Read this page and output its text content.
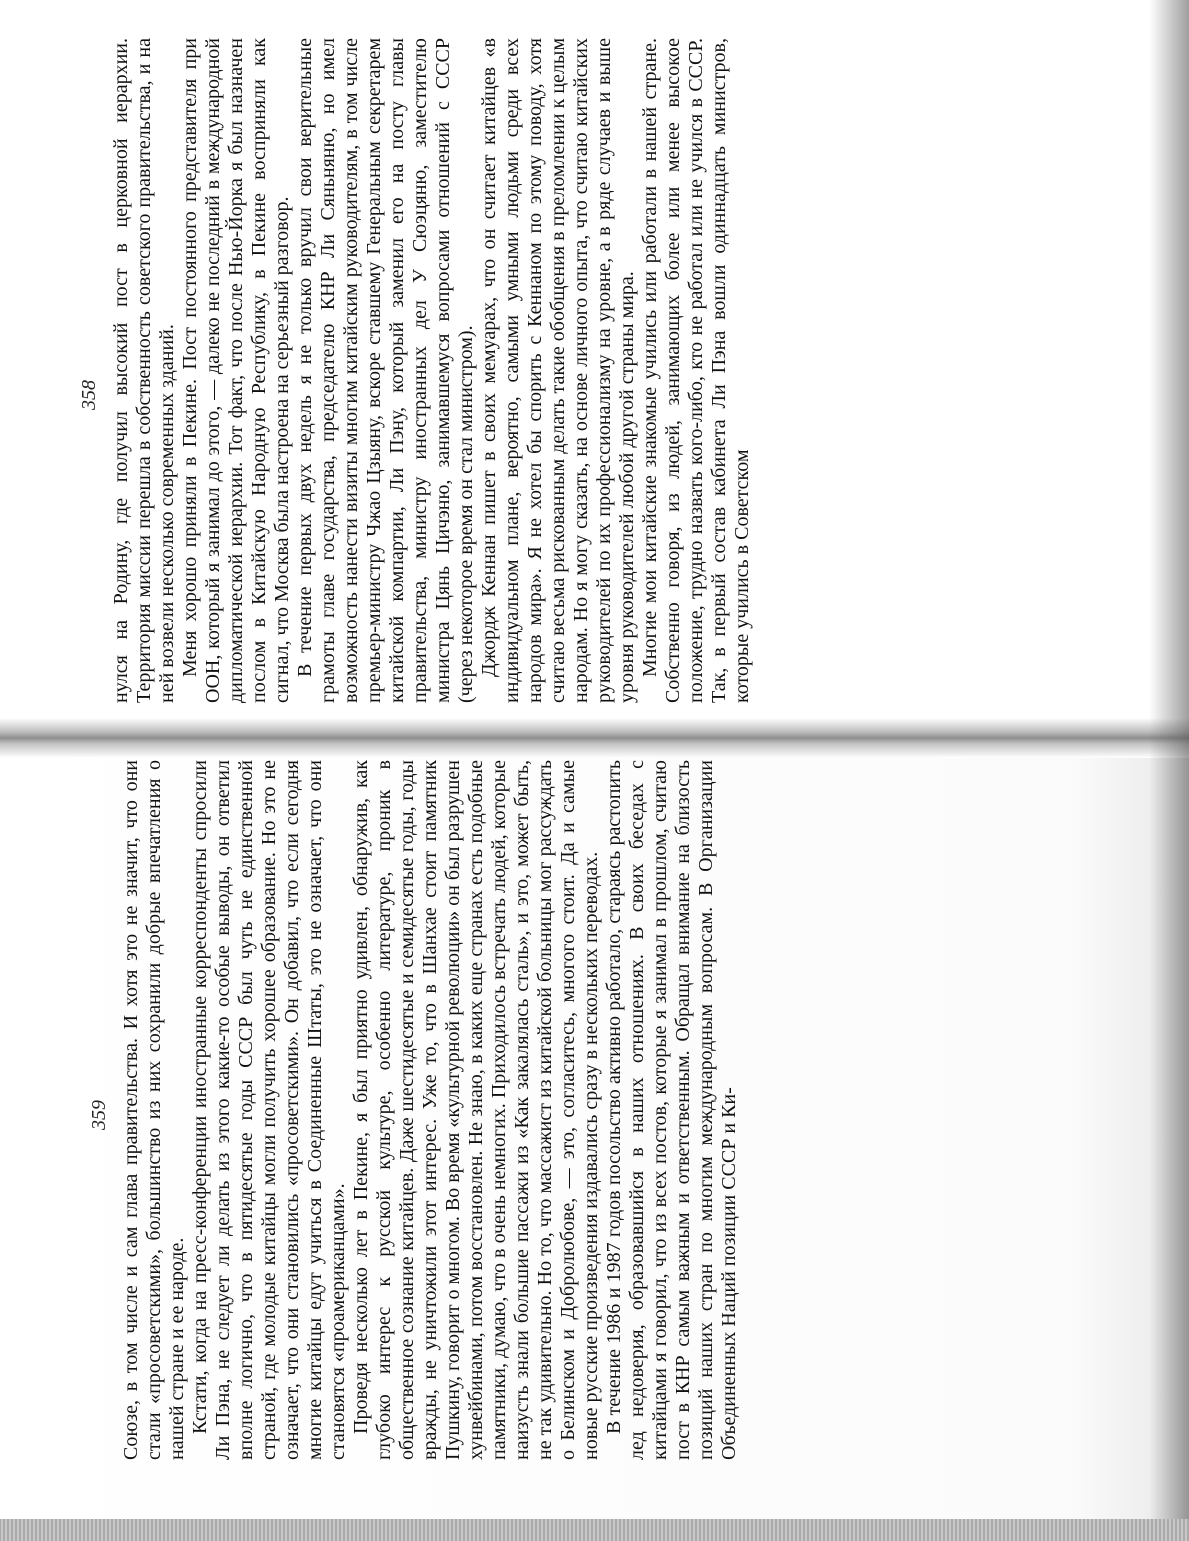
нулся на Родину, где получил высокий пост в церковной иерархии. Территория миссии перешла в собственность советского правительства, и на ней возвели несколько современных зданий. Меня хорошо приняли в Пекине. Пост постоянного представителя при ООН, который я занимал до этого, — далеко не последний в международной дипломатической иерархии. Тот факт, что после Нью-Йорка я был назначен послом в Китайскую Народную Республику, в Пекине восприняли как сигнал, что Москва была настроена на серьезный разговор. В течение первых двух недель я не только вручил свои верительные грамоты главе государства, председателю КНР Ли Сяньняню, но имел возможность нанести визиты многим китайским руководителям, в том числе премьер-министру Чжао Цзыяну, вскоре ставшему Генеральным секретарем китайской компартии, Ли Пэну, который заменил его на посту главы правительства, министру иностранных дел У Сюэцяню, заместителю министра Цянь Цичэню, занимавшемуся вопросами отношений с СССР (через некоторое время он стал министром). Джордж Кеннан пишет в своих мемуарах, что он считает китайцев «в индивидуальном плане, вероятно, самыми умными людьми среди всех народов мира». Я не хотел бы спорить с Кеннаном по этому поводу, хотя считаю весьма рискованным делать такие обобщения в преломлении к целым народам. Но я могу сказать, на основе личного опыта, что считаю китайских руководителей по их профессионализму на уровне, а в ряде случаев и выше уровня руководителей любой другой страны мира. Многие мои китайские знакомые учились или работали в нашей стране. Собственно говоря, из людей, занимающих более или менее высокое положение, трудно назвать кого-либо, кто не работал или не учился в СССР. Так, в первый состав кабинета Ли Пэна вошли одиннадцать министров, которые учились в Советском

358

Союзе, в том числе и сам глава правительства. И хотя это не значит, что они стали «просоветскими», большинство из них сохранили добрые впечатления о нашей стране и ее народе. Кстати, когда на пресс-конференции иностранные корреспонденты спросили Ли Пэна, не следует ли делать из этого какие-то особые выводы, он ответил вполне логично, что в пятидесятые годы СССР был чуть не единственной страной, где молодые китайцы могли получить хорошее образование. Но это не означает, что они становились «просоветскими». Он добавил, что если сегодня многие китайцы едут учиться в Соединенные Штаты, это не означает, что они становятся «проамериканцами». Проведя несколько лет в Пекине, я был приятно удивлен, обнаружив, как глубоко интерес к русской культуре, особенно литературе, проник в общественное сознание китайцев. Даже шестидесятые и семидесятые годы, годы вражды, не уничтожили этот интерес. Уже то, что в Шанхае стоит памятник Пушкину, говорит о многом. Во время «культурной революции» он был разрушен хунвейбинами, потом восстановлен. Не знаю, в каких еще странах есть подобные памятники, думаю, что в очень немногих. Приходилось встречать людей, которые наизусть знали большие пассажи из «Как закалялась сталь», и это, может быть, не так удивительно. Но то, что массажист из китайской больницы мог рассуждать о Белинском и Добролюбове, — это, согласитесь, многого стоит. Да и самые новые русские произведения издавались сразу в нескольких переводах. В течение 1986 и 1987 годов посольство активно работало, стараясь растопить лед недоверия, образовавшийся в наших отношениях. В своих беседах с китайцами я говорил, что из всех постов, которые я занимал в прошлом, считаю пост в КНР самым важным и ответственным. Обращал внимание на близость позиций наших стран по многим международным вопросам. В Организации Объединенных Наций позиции СССР и Ки-

359
